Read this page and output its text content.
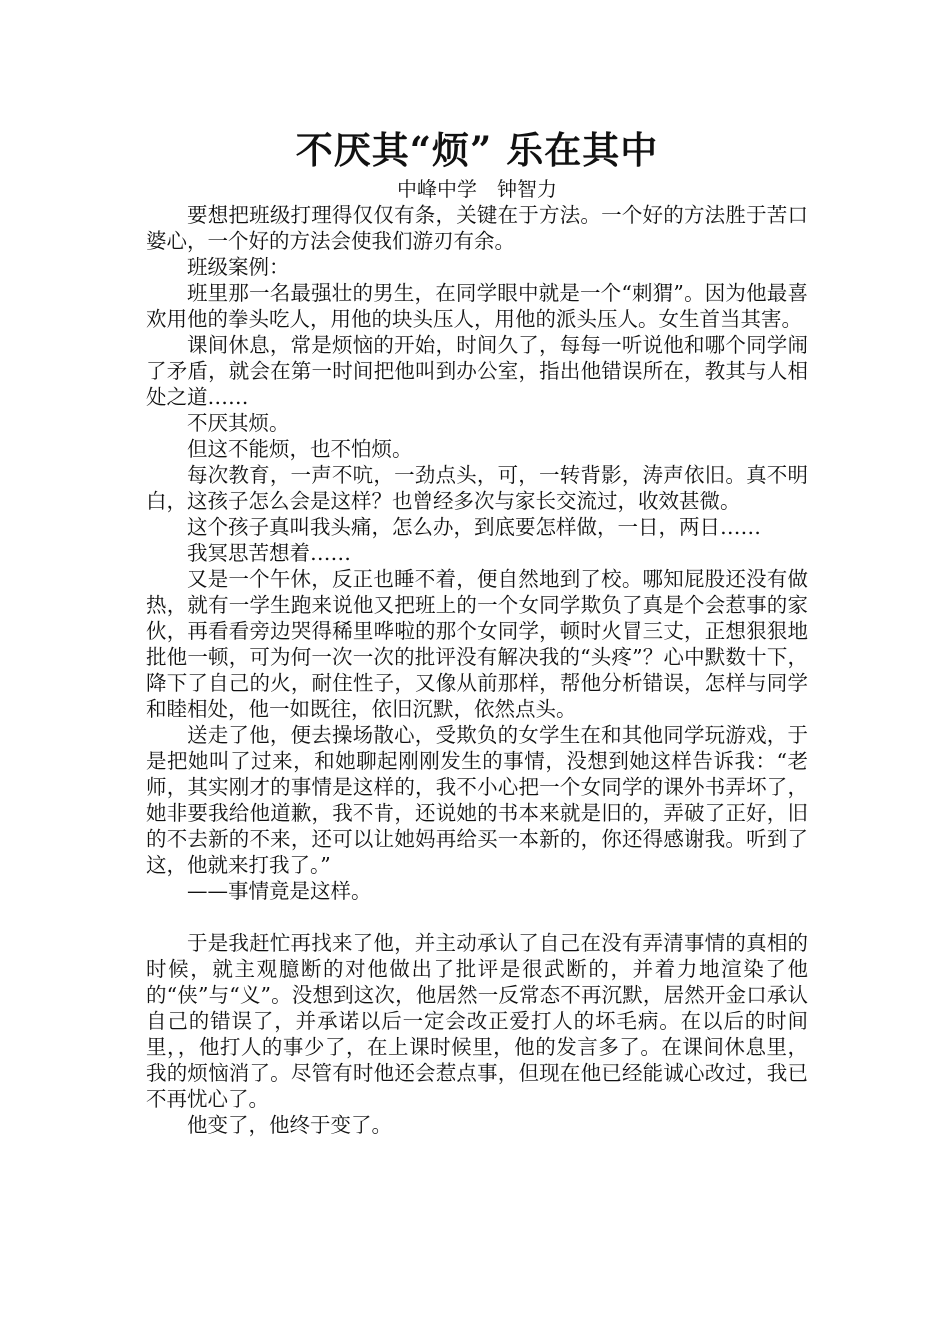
不厌其“烦” 乐在其中

中峰中学　钟智力

要想把班级打理得仅仅有条，关键在于方法。一个好的方法胜于苦口婆心，一个好的方法会使我们游刃有余。

班级案例：

班里那一名最强壮的男生，在同学眼中就是一个“刺猬”。因为他最喜欢用他的拳头吃人，用他的块头压人，用他的派头压人。女生首当其害。

课间休息，常是烦恼的开始，时间久了，每每一听说他和哪个同学闹了矛盾，就会在第一时间把他叫到办公室，指出他错误所在，教其与人相处之道……

不厌其烦。

但这不能烦，也不怕烦。

每次教育，一声不吭，一劲点头，可，一转背影，涛声依旧。真不明白，这孩子怎么会是这样？也曾经多次与家长交流过，收效甚微。

这个孩子真叫我头痛，怎么办，到底要怎样做，一日，两日……

我冥思苦想着……

又是一个午休，反正也睡不着，便自然地到了校。哪知屁股还没有做热，就有一学生跑来说他又把班上的一个女同学欺负了真是个会惹事的家伙，再看看旁边哭得稀里哗啦的那个女同学，顿时火冒三丈，正想狠狠地批他一顿，可为何一次一次的批评没有解决我的“头疼”？心中默数十下，降下了自己的火，耐住性子，又像从前那样，帮他分析错误，怎样与同学和睦相处，他一如既往，依旧沉默，依然点头。

送走了他，便去操场散心，受欺负的女学生在和其他同学玩游戏，于是把她叫了过来，和她聊起刚刚发生的事情，没想到她这样告诉我：“老师，其实刚才的事情是这样的，我不小心把一个女同学的课外书弄坏了，她非要我给他道歉，我不肯，还说她的书本来就是旧的，弄破了正好，旧的不去新的不来，还可以让她妈再给买一本新的，你还得感谢我。听到了这，他就来打我了。”

——事情竟是这样。

于是我赶忙再找来了他，并主动承认了自己在没有弄清事情的真相的时候，就主观臆断的对他做出了批评是很武断的，并着力地渲染了他的“侠”与“义”。没想到这次，他居然一反常态不再沉默，居然开金口承认自己的错误了，并承诺以后一定会改正爱打人的坏毛病。在以后的时间里，，他打人的事少了，在上课时候里，他的发言多了。在课间休息里，我的烦恼消了。尽管有时他还会惹点事，但现在他已经能诚心改过，我已不再忧心了。

他变了，他终于变了。
